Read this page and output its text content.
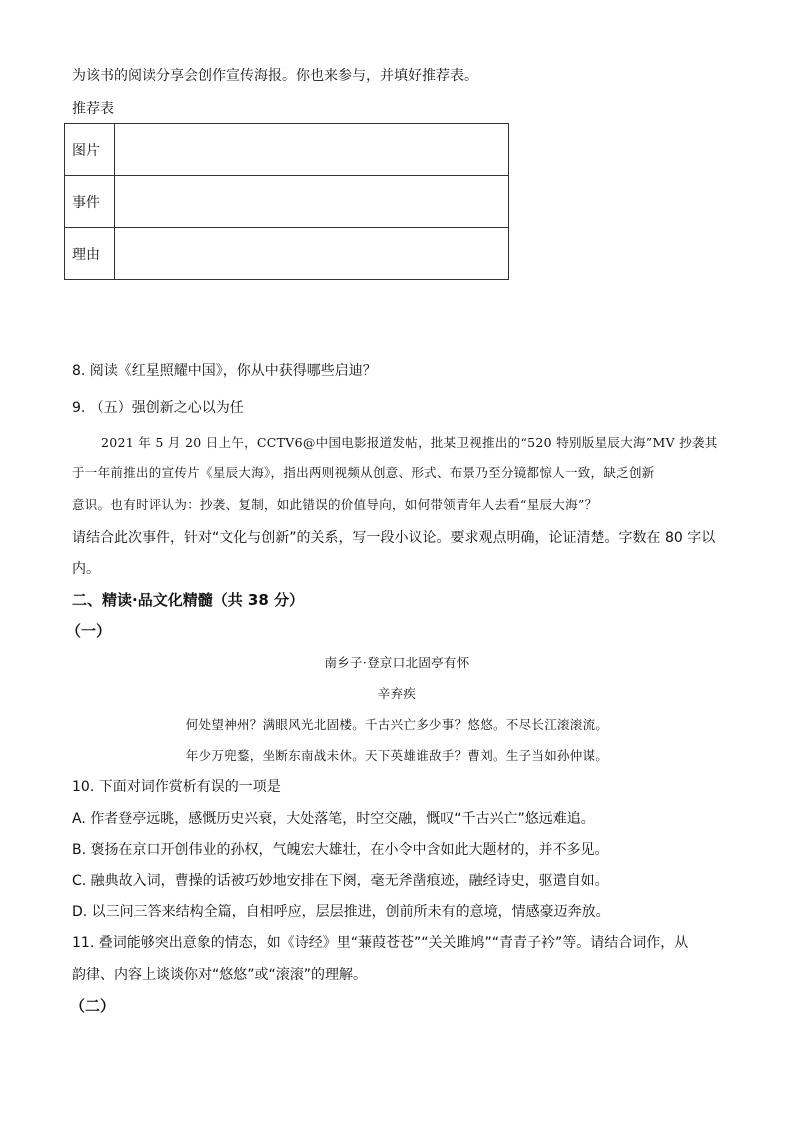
为该书的阅读分享会创作宣传海报。你也来参与，并填好推荐表。
推荐表
图片	
事件	
理由	
8. 阅读《红星照耀中国》，你从中获得哪些启迪？
9. （五）强创新之心以为任
2021 年 5 月 20 日上午，CCTV6@中国电影报道发帖，批某卫视推出的“520 特别版星辰大海”MV 抄袭其
于一年前推出的宣传片《星辰大海》，指出两则视频从创意、形式、布景乃至分镜都惊人一致，缺乏创新
意识。也有时评认为：抄袭、复制，如此错误的价值导向，如何带领青年人去看“星辰大海”？
请结合此次事件，针对“文化与创新”的关系，写一段小议论。要求观点明确，论证清楚。字数在 80 字以
内。
二、精读·品文化精髓（共 38 分）
（一）
南乡子·登京口北固亭有怀
辛弃疾
何处望神州？满眼风光北固楼。千古兴亡多少事？悠悠。不尽长江滚滚流。
年少万兜鍪，坐断东南战未休。天下英雄谁敌手？曹刘。生子当如孙仲谋。
10. 下面对词作赏析有误的一项是
A. 作者登亭远眺，感慨历史兴衰，大处落笔，时空交融，慨叹“千古兴亡”悠远难追。
B. 褒扬在京口开创伟业的孙权，气魄宏大雄壮，在小令中含如此大题材的，并不多见。
C. 融典故入词，曹操的话被巧妙地安排在下阕，毫无斧凿痕迹，融经诗史，驱遣自如。
D. 以三问三答来结构全篇，自相呼应，层层推进，创前所未有的意境，情感豪迈奔放。
11. 叠词能够突出意象的情态，如《诗经》里“蒹葭苍苍”“关关雎鸠”“青青子衿”等。请结合词作，从
韵律、内容上谈谈你对“悠悠”或“滚滚”的理解。
（二）
